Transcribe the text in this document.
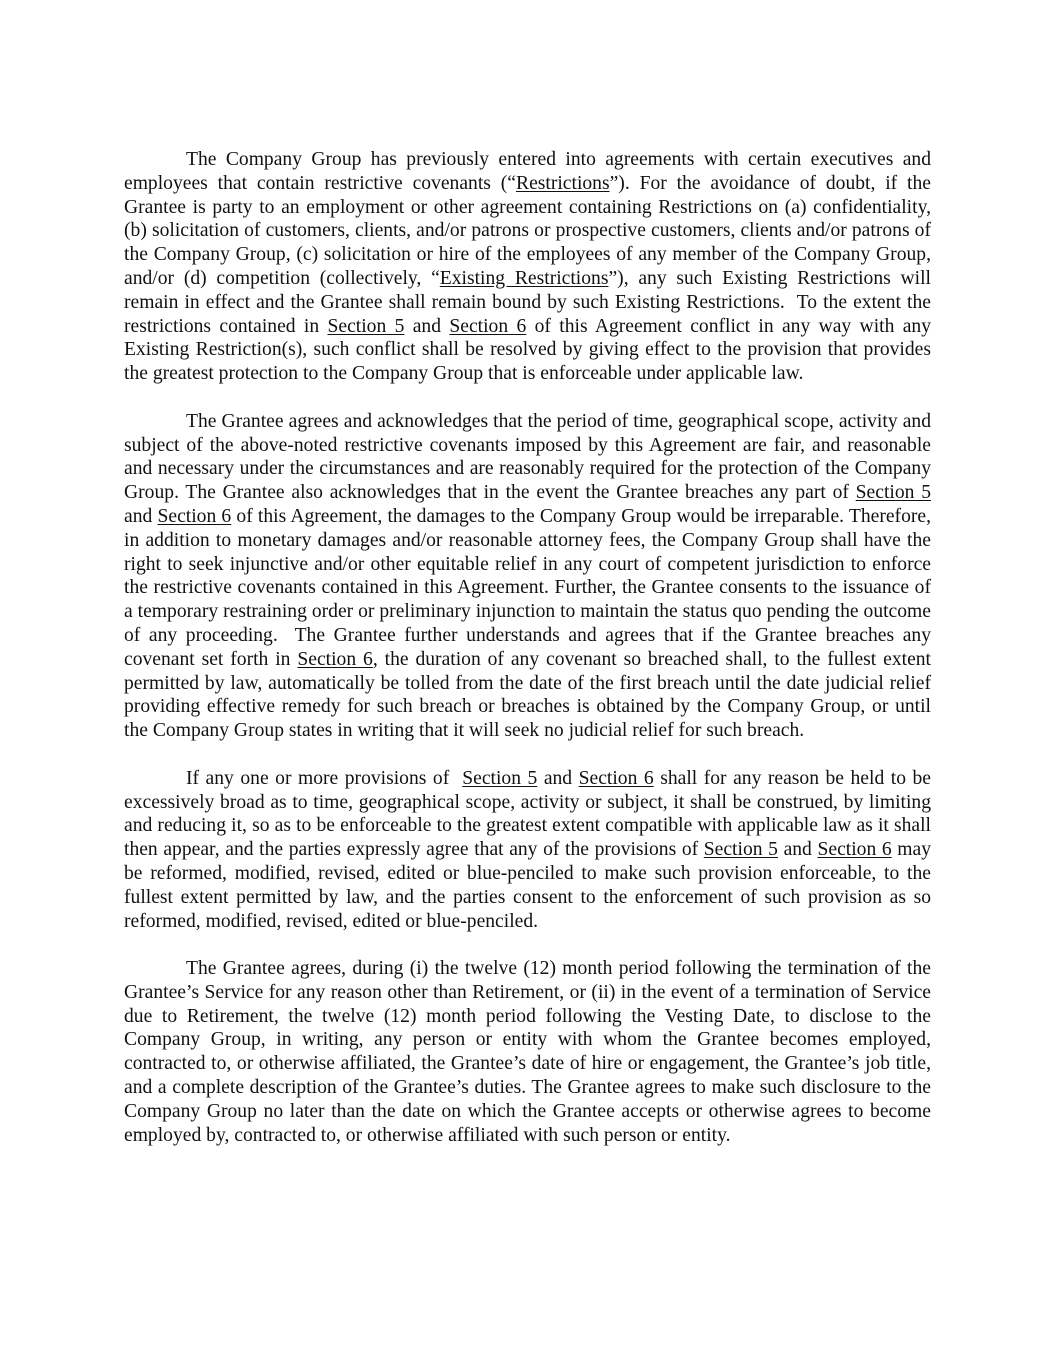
The Company Group has previously entered into agreements with certain executives and employees that contain restrictive covenants (“Restrictions”). For the avoidance of doubt, if the Grantee is party to an employment or other agreement containing Restrictions on (a) confidentiality, (b) solicitation of customers, clients, and/or patrons or prospective customers, clients and/or patrons of the Company Group, (c) solicitation or hire of the employees of any member of the Company Group, and/or (d) competition (collectively, “Existing Restrictions”), any such Existing Restrictions will remain in effect and the Grantee shall remain bound by such Existing Restrictions.  To the extent the restrictions contained in Section 5 and Section 6 of this Agreement conflict in any way with any Existing Restriction(s), such conflict shall be resolved by giving effect to the provision that provides the greatest protection to the Company Group that is enforceable under applicable law.

The Grantee agrees and acknowledges that the period of time, geographical scope, activity and subject of the above-noted restrictive covenants imposed by this Agreement are fair, and reasonable and necessary under the circumstances and are reasonably required for the protection of the Company Group. The Grantee also acknowledges that in the event the Grantee breaches any part of Section 5 and Section 6 of this Agreement, the damages to the Company Group would be irreparable. Therefore, in addition to monetary damages and/or reasonable attorney fees, the Company Group shall have the right to seek injunctive and/or other equitable relief in any court of competent jurisdiction to enforce the restrictive covenants contained in this Agreement. Further, the Grantee consents to the issuance of a temporary restraining order or preliminary injunction to maintain the status quo pending the outcome of any proceeding.  The Grantee further understands and agrees that if the Grantee breaches any covenant set forth in Section 6, the duration of any covenant so breached shall, to the fullest extent permitted by law, automatically be tolled from the date of the first breach until the date judicial relief providing effective remedy for such breach or breaches is obtained by the Company Group, or until the Company Group states in writing that it will seek no judicial relief for such breach.

If any one or more provisions of  Section 5 and Section 6 shall for any reason be held to be excessively broad as to time, geographical scope, activity or subject, it shall be construed, by limiting and reducing it, so as to be enforceable to the greatest extent compatible with applicable law as it shall then appear, and the parties expressly agree that any of the provisions of Section 5 and Section 6 may be reformed, modified, revised, edited or blue-penciled to make such provision enforceable, to the fullest extent permitted by law, and the parties consent to the enforcement of such provision as so reformed, modified, revised, edited or blue-penciled.

The Grantee agrees, during (i) the twelve (12) month period following the termination of the Grantee’s Service for any reason other than Retirement, or (ii) in the event of a termination of Service due to Retirement, the twelve (12) month period following the Vesting Date, to disclose to the Company Group, in writing, any person or entity with whom the Grantee becomes employed, contracted to, or otherwise affiliated, the Grantee’s date of hire or engagement, the Grantee’s job title, and a complete description of the Grantee’s duties. The Grantee agrees to make such disclosure to the Company Group no later than the date on which the Grantee accepts or otherwise agrees to become employed by, contracted to, or otherwise affiliated with such person or entity.
